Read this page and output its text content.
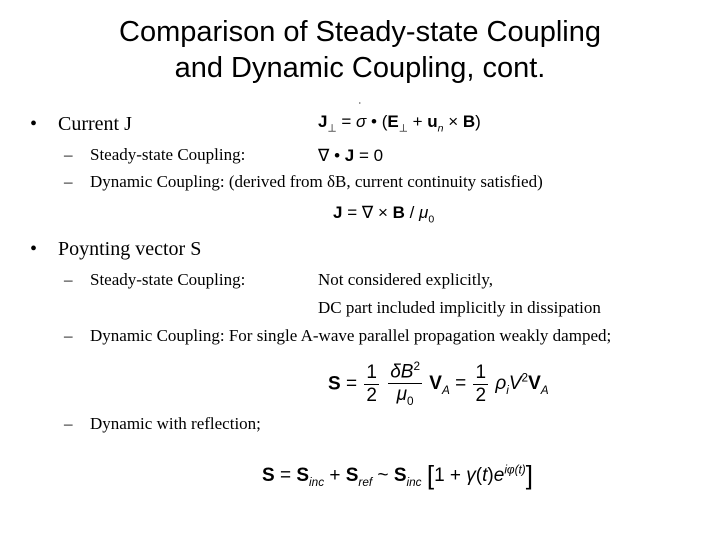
Comparison of Steady-state Coupling
and Dynamic Coupling, cont.
• Current J	$J_\perp$ =
ʿ
σ • $(E_\perp + u_n \times B)$
– Steady-state Coupling:	∇ • J = 0
– Dynamic Coupling: (derived from δB, current continuity satisfied)
J = ∇ × B / $\mu_0$
• Poynting vector S
– Steady-state Coupling:	Not considered explicitly,
DC part included implicitly in dissipation
– Dynamic Coupling: For single A-wave parallel propagation weakly damped;
$S = \frac{1}{2}$
$\frac{\delta B^2}{\mu_0} V_A = \frac{1}{2} \rho_iV^2V_A$
– Dynamic with reflection;
$S = S_{inc} + S_{ref}$ ~ $S_{inc}$ $[1 + \gamma(t)e^{i\varphi(t)}]$
